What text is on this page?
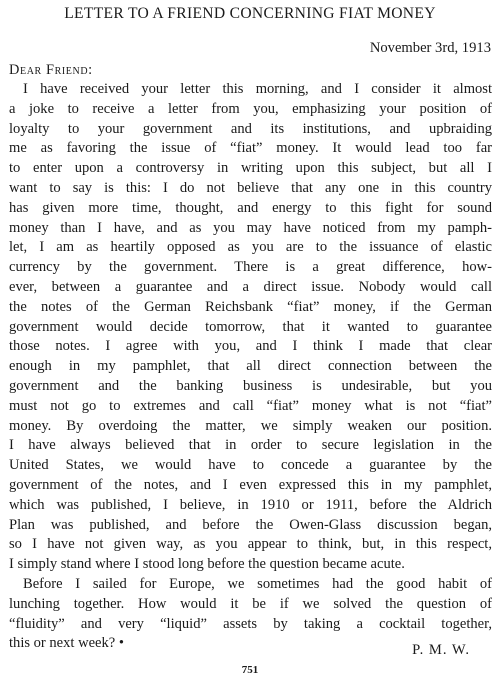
LETTER TO A FRIEND CONCERNING FIAT MONEY
November 3rd, 1913
Dear Friend:
I have received your letter this morning, and I consider it almost
a joke to receive a letter from you, emphasizing your position of
loyalty to your government and its institutions, and upbraiding
me as favoring the issue of “fiat” money. It would lead too far
to enter upon a controversy in writing upon this subject, but all I
want to say is this: I do not believe that any one in this country
has given more time, thought, and energy to this fight for sound
money than I have, and as you may have noticed from my pamph-
let, I am as heartily opposed as you are to the issuance of elastic
currency by the government. There is a great difference, how-
ever, between a guarantee and a direct issue. Nobody would call
the notes of the German Reichsbank “fiat” money, if the German
government would decide tomorrow, that it wanted to guarantee
those notes. I agree with you, and I think I made that clear
enough in my pamphlet, that all direct connection between the
government and the banking business is undesirable, but you
must not go to extremes and call “fiat” money what is not “fiat”
money. By overdoing the matter, we simply weaken our position.
I have always believed that in order to secure legislation in the
United States, we would have to concede a guarantee by the
government of the notes, and I even expressed this in my pamphlet,
which was published, I believe, in 1910 or 1911, before the Aldrich
Plan was published, and before the Owen-Glass discussion began,
so I have not given way, as you appear to think, but, in this respect,
I simply stand where I stood long before the question became acute.
Before I sailed for Europe, we sometimes had the good habit of
lunching together. How would it be if we solved the question of
“fluidity” and very “liquid” assets by taking a cocktail together,
this or next week? •	P. M. W.
751
